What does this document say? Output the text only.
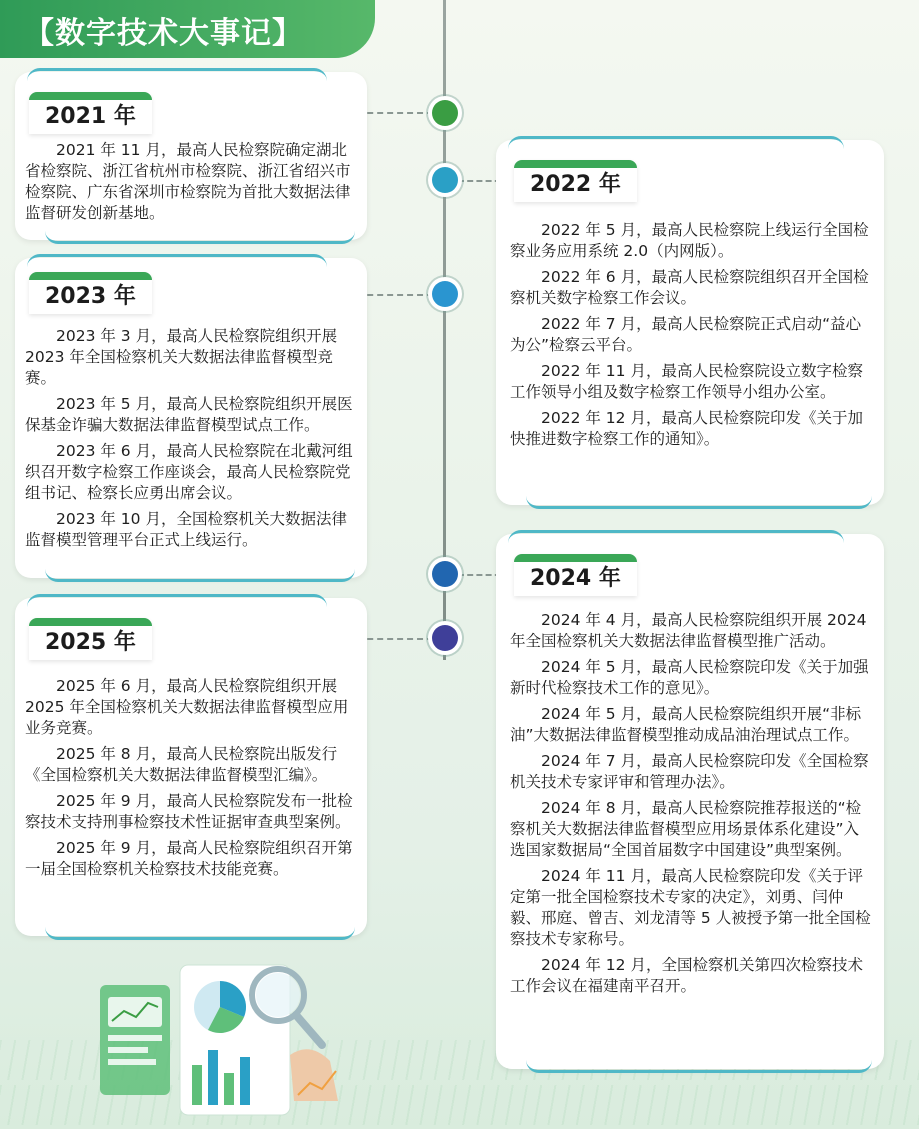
【数字技术大事记】
2021 年

2021 年 11 月，最高人民检察院确定湖北省检察院、浙江省杭州市检察院、浙江省绍兴市检察院、广东省深圳市检察院为首批大数据法律监督研发创新基地。

2022 年

2022 年 5 月，最高人民检察院上线运行全国检察业务应用系统 2.0（内网版）。

2022 年 6 月，最高人民检察院组织召开全国检察机关数字检察工作会议。

2022 年 7 月，最高人民检察院正式启动“益心为公”检察云平台。

2022 年 11 月，最高人民检察院设立数字检察工作领导小组及数字检察工作领导小组办公室。

2022 年 12 月，最高人民检察院印发《关于加快推进数字检察工作的通知》。

2023 年

2023 年 3 月，最高人民检察院组织开展 2023 年全国检察机关大数据法律监督模型竞赛。

2023 年 5 月，最高人民检察院组织开展医保基金诈骗大数据法律监督模型试点工作。

2023 年 6 月，最高人民检察院在北戴河组织召开数字检察工作座谈会，最高人民检察院党组书记、检察长应勇出席会议。

2023 年 10 月，全国检察机关大数据法律监督模型管理平台正式上线运行。

2024 年

2024 年 4 月，最高人民检察院组织开展 2024 年全国检察机关大数据法律监督模型推广活动。

2024 年 5 月，最高人民检察院印发《关于加强新时代检察技术工作的意见》。

2024 年 5 月，最高人民检察院组织开展“非标油”大数据法律监督模型推动成品油治理试点工作。

2024 年 7 月，最高人民检察院印发《全国检察机关技术专家评审和管理办法》。

2024 年 8 月，最高人民检察院推荐报送的“检察机关大数据法律监督模型应用场景体系化建设”入选国家数据局“全国首届数字中国建设”典型案例。

2024 年 11 月，最高人民检察院印发《关于评定第一批全国检察技术专家的决定》，刘勇、闫仲毅、邢庭、曾吉、刘龙清等 5 人被授予第一批全国检察技术专家称号。

2024 年 12 月，全国检察机关第四次检察技术工作会议在福建南平召开。

2025 年

2025 年 6 月，最高人民检察院组织开展 2025 年全国检察机关大数据法律监督模型应用业务竞赛。

2025 年 8 月，最高人民检察院出版发行《全国检察机关大数据法律监督模型汇编》。

2025 年 9 月，最高人民检察院发布一批检察技术支持刑事检察技术性证据审查典型案例。

2025 年 9 月，最高人民检察院组织召开第一届全国检察机关检察技术技能竞赛。
